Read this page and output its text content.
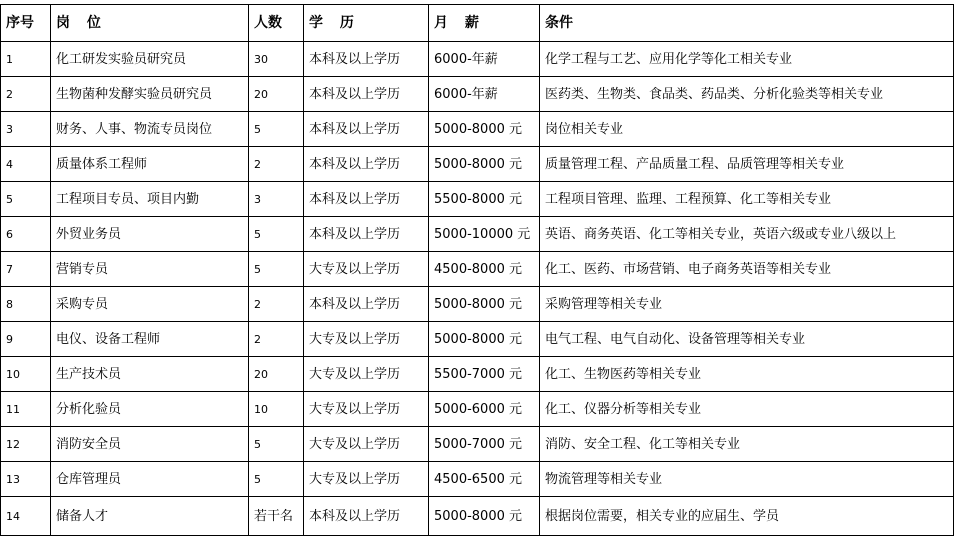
序号	岗 位	人数	学 历	月 薪	条件
1	化工研发实验员研究员	30	本科及以上学历	6000-年薪	化学工程与工艺、应用化学等化工相关专业
2	生物菌种发酵实验员研究员	20	本科及以上学历	6000-年薪	医药类、生物类、食品类、药品类、分析化验类等相关专业
3	财务、人事、物流专员岗位	5	本科及以上学历	5000-8000 元	岗位相关专业
4	质量体系工程师	2	本科及以上学历	5000-8000 元	质量管理工程、产品质量工程、品质管理等相关专业
5	工程项目专员、项目内勤	3	本科及以上学历	5500-8000 元	工程项目管理、监理、工程预算、化工等相关专业
6	外贸业务员	5	本科及以上学历	5000-10000 元	英语、商务英语、化工等相关专业，英语六级或专业八级以上
7	营销专员	5	大专及以上学历	4500-8000 元	化工、医药、市场营销、电子商务英语等相关专业
8	采购专员	2	本科及以上学历	5000-8000 元	采购管理等相关专业
9	电仪、设备工程师	2	大专及以上学历	5000-8000 元	电气工程、电气自动化、设备管理等相关专业
10	生产技术员	20	大专及以上学历	5500-7000 元	化工、生物医药等相关专业
11	分析化验员	10	大专及以上学历	5000-6000 元	化工、仪器分析等相关专业
12	消防安全员	5	大专及以上学历	5000-7000 元	消防、安全工程、化工等相关专业
13	仓库管理员	5	大专及以上学历	4500-6500 元	物流管理等相关专业
14	储备人才	若干名	本科及以上学历	5000-8000 元	根据岗位需要，相关专业的应届生、学员
